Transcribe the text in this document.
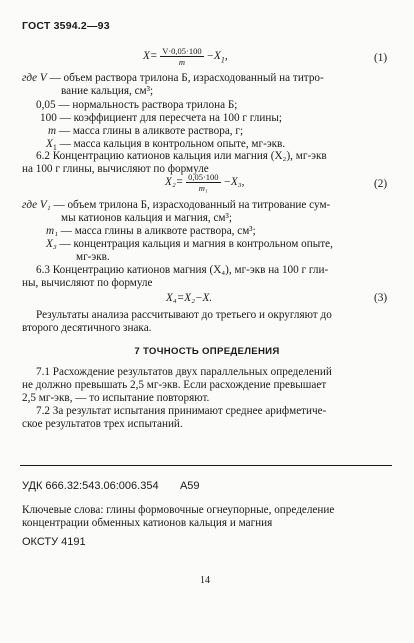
ГОСТ 3594.2—93
$X= \frac{V\cdot 0,05\cdot 100}{m} -X_1$,	(1)
где V — объем раствора трилона Б, израсходованный на титро-
вание кальция, см³;
0,05 — нормальность раствора трилона Б;
100 — коэффициент для пересчета на 100 г глины;
m — масса глины в аликвоте раствора, г;
$X_1$ — масса кальция в контрольном опыте, мг-экв.
6.2 Концентрацию катионов кальция или магния (X₂), мг-экв
на 100 г глины, вычисляют по формуле
$X_2= \frac{0,05\cdot 100}{\text{m₁}} -X_3$,	(2)
где V₁ — объем трилона Б, израсходованный на титрование сум-
мы катионов кальция и магния, см³;
m₁ — масса глины в аликвоте раствора, см³;
X₃ — концентрация кальция и магния в контрольном опыте,
мг-экв.
6.3 Концентрацию катионов магния (X₄), мг-экв на 100 г гли-
ны, вычисляют по формуле
X₄=X₂−X.	(3)
Результаты анализа рассчитывают до третьего и округляют до
второго десятичного знака.
7 ТОЧНОСТЬ ОПРЕДЕЛЕНИЯ
7.1 Расхождение результатов двух параллельных определений
не должно превышать 2,5 мг-экв. Если расхождение превышает
2,5 мг-экв, — то испытание повторяют.
7.2 За результат испытания принимают среднее арифметиче-
ское результатов трех испытаний.
УДК 666.32:543.06:006.354       А59
Ключевые слова: глины формовочные огнеупорные, определение
концентрации обменных катионов кальция и магния
ОКСТУ 4191
14
